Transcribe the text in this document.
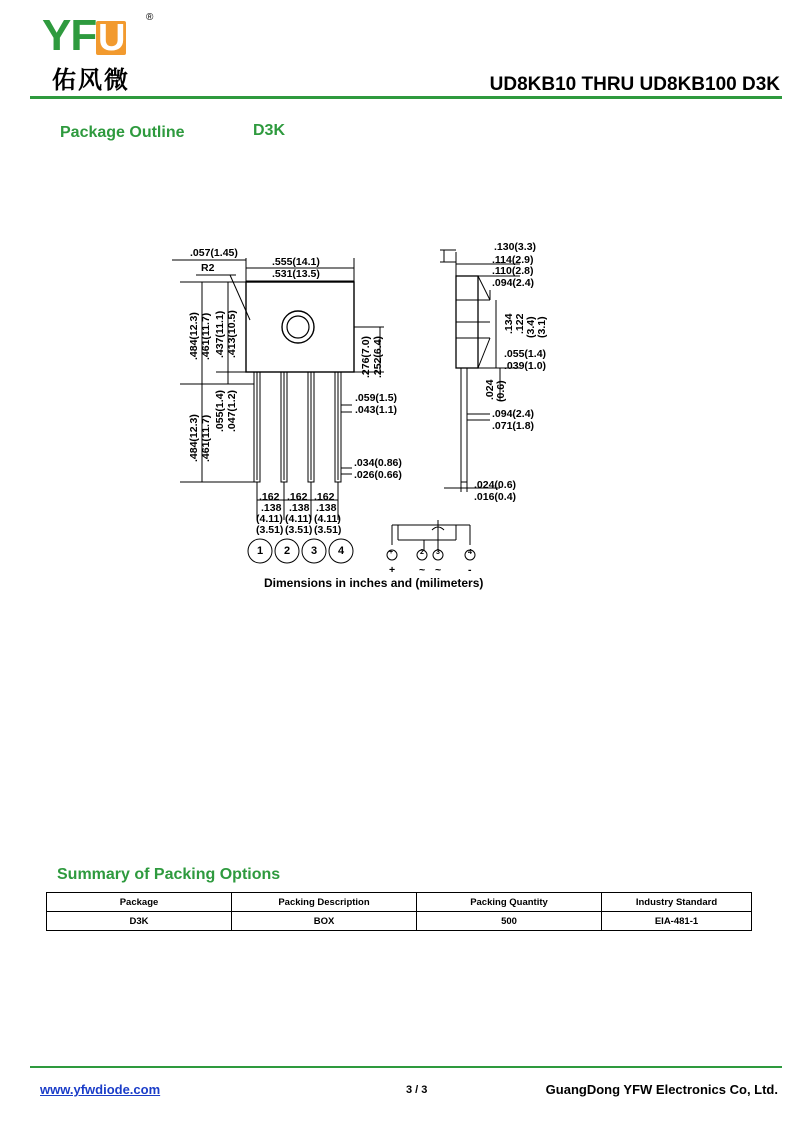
YFU ®
佑风微	UD8KB10 THRU UD8KB100 D3K
Package Outline	D3K
.057(1.45)
R2	.555(14.1)
.531(13.5)
.484(12.3) .461(11.7) .437(11.1) .413(10.5)
.484(12.3) .461(11.7)
.055(1.4) .047(1.2)
.276(7.0) .252(6.4)
.059(1.5)
.043(1.1)
.034(0.86)
.026(0.66)
.162 .162 .162
.138 .138 .138
(4.11) (4.11) (4.11)
(3.51) (3.51) (3.51)
1 2 3 4
.130(3.3)
.114(2.9)
.110(2.8)
.094(2.4)
.134 .122 (3.4) (3.1)
.055(1.4)
.039(1.0)
.024 (0.6)
.094(2.4)
.071(1.8)
.024(0.6)
.016(0.4)
+	2 3	4
+ ~ ~	-
Dimensions in inches and (milimeters)
Summary of Packing Options
Package	Packing Description	Packing Quantity	Industry Standard
D3K	BOX	500	EIA-481-1
www.yfwdiode.com	3 / 3	GuangDong YFW Electronics Co, Ltd.
